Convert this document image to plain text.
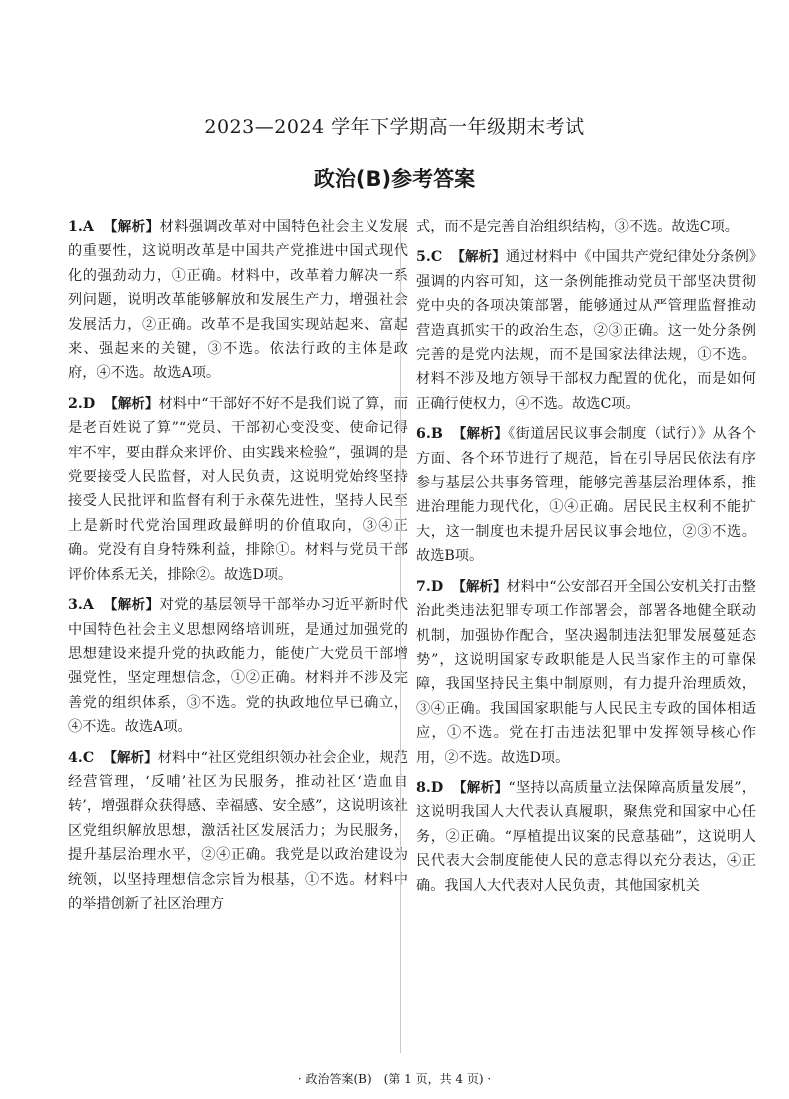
2023—2024 学年下学期高一年级期末考试
政治(B)参考答案

1.A 【解析】材料强调改革对中国特色社会主义发展的重要性，这说明改革是中国共产党推进中国式现代化的强劲动力，①正确。材料中，改革着力解决一系列问题，说明改革能够解放和发展生产力，增强社会发展活力，②正确。改革不是我国实现站起来、富起来、强起来的关键，③不选。依法行政的主体是政府，④不选。故选A项。

2.D 【解析】材料中“干部好不好不是我们说了算，而是老百姓说了算”“党员、干部初心变没变、使命记得牢不牢，要由群众来评价、由实践来检验”，强调的是党要接受人民监督，对人民负责，这说明党始终坚持接受人民批评和监督有利于永葆先进性，坚持人民至上是新时代党治国理政最鲜明的价值取向，③④正确。党没有自身特殊利益，排除①。材料与党员干部评价体系无关，排除②。故选D项。

3.A 【解析】对党的基层领导干部举办习近平新时代中国特色社会主义思想网络培训班，是通过加强党的思想建设来提升党的执政能力，能使广大党员干部增强党性，坚定理想信念，①②正确。材料并不涉及完善党的组织体系，③不选。党的执政地位早已确立，④不选。故选A项。

4.C 【解析】材料中“社区党组织领办社会企业，规范经营管理，‘反哺’社区为民服务，推动社区‘造血自转’，增强群众获得感、幸福感、安全感”，这说明该社区党组织解放思想，激活社区发展活力；为民服务，提升基层治理水平，②④正确。我党是以政治建设为统领，以坚持理想信念宗旨为根基，①不选。材料中的举措创新了社区治理方

式，而不是完善自治组织结构，③不选。故选C项。

5.C 【解析】通过材料中《中国共产党纪律处分条例》强调的内容可知，这一条例能推动党员干部坚决贯彻党中央的各项决策部署，能够通过从严管理监督推动营造真抓实干的政治生态，②③正确。这一处分条例完善的是党内法规，而不是国家法律法规，①不选。材料不涉及地方领导干部权力配置的优化，而是如何正确行使权力，④不选。故选C项。

6.B 【解析】《街道居民议事会制度（试行）》从各个方面、各个环节进行了规范，旨在引导居民依法有序参与基层公共事务管理，能够完善基层治理体系，推进治理能力现代化，①④正确。居民民主权利不能扩大，这一制度也未提升居民议事会地位，②③不选。故选B项。

7.D 【解析】材料中“公安部召开全国公安机关打击整治此类违法犯罪专项工作部署会，部署各地健全联动机制，加强协作配合，坚决遏制违法犯罪发展蔓延态势”，这说明国家专政职能是人民当家作主的可靠保障，我国坚持民主集中制原则，有力提升治理质效，③④正确。我国国家职能与人民民主专政的国体相适应，①不选。党在打击违法犯罪中发挥领导核心作用，②不选。故选D项。

8.D 【解析】“坚持以高质量立法保障高质量发展”，这说明我国人大代表认真履职，聚焦党和国家中心任务，②正确。“厚植提出议案的民意基础”，这说明人民代表大会制度能使人民的意志得以充分表达，④正确。我国人大代表对人民负责，其他国家机关

· 政治答案(B)　(第 1 页，共 4 页) ·
